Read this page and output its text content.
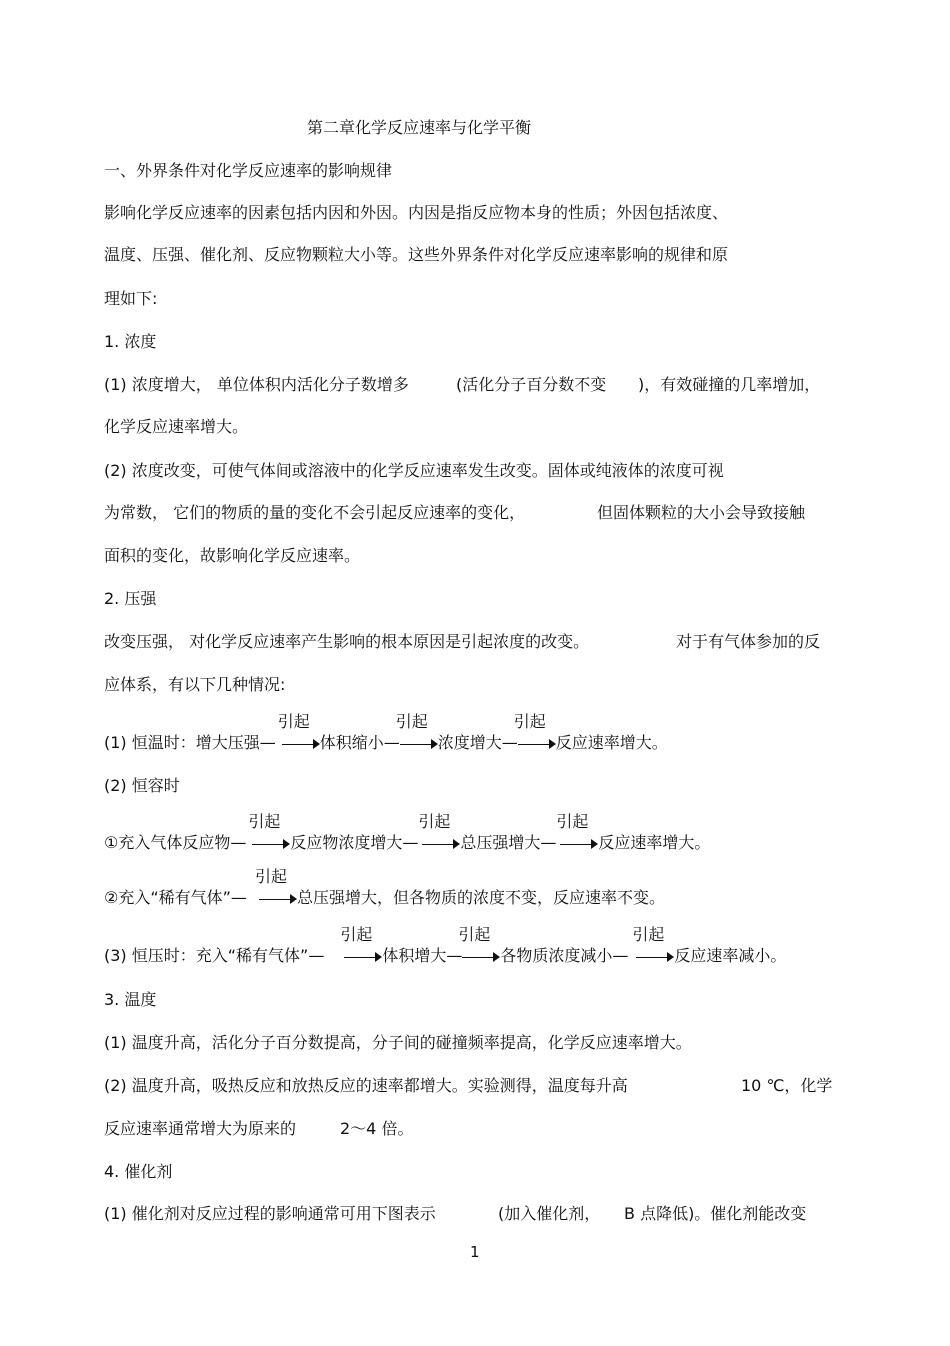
第二章化学反应速率与化学平衡
一、外界条件对化学反应速率的影响规律
影响化学反应速率的因素包括内因和外因。内因是指反应物本身的性质；外因包括浓度、
温度、压强、催化剂、反应物颗粒大小等。这些外界条件对化学反应速率影响的规律和原
理如下:
1. 浓度
(1) 浓度增大， 单位体积内活化分子数增多	(活化分子百分数不变 )，有效碰撞的几率增加，
化学反应速率增大。
(2) 浓度改变，可使气体间或溶液中的化学反应速率发生改变。固体或纯液体的浓度可视
为常数， 它们的物质的量的变化不会引起反应速率的变化，	但固体颗粒的大小会导致接触
面积的变化，故影响化学反应速率。
2. 压强
改变压强， 对化学反应速率产生影响的根本原因是引起浓度的改变。	对于有气体参加的反
应体系，有以下几种情况:
(1) 恒温时：增大压强—
引起
体积缩小—
引起
浓度增大—
引起
反应速率增大。
(2) 恒容时
①充入气体反应物—
引起
反应物浓度增大—
引起
总压强增大—
引起
反应速率增大。
②充入“稀有气体”—
引起
总压强增大，但各物质的浓度不变，反应速率不变。
(3) 恒压时：充入“稀有气体”—
引起
体积增大—
引起
各物质浓度减小—
引起
反应速率减小。
3. 温度
(1) 温度升高，活化分子百分数提高，分子间的碰撞频率提高，化学反应速率增大。
(2) 温度升高，吸热反应和放热反应的速率都增大。实验测得，温度每升高	10 ℃，化学
反应速率通常增大为原来的	2～4 倍。
4. 催化剂
(1) 催化剂对反应过程的影响通常可用下图表示	(加入催化剂， B 点降低)。催化剂能改变
1
